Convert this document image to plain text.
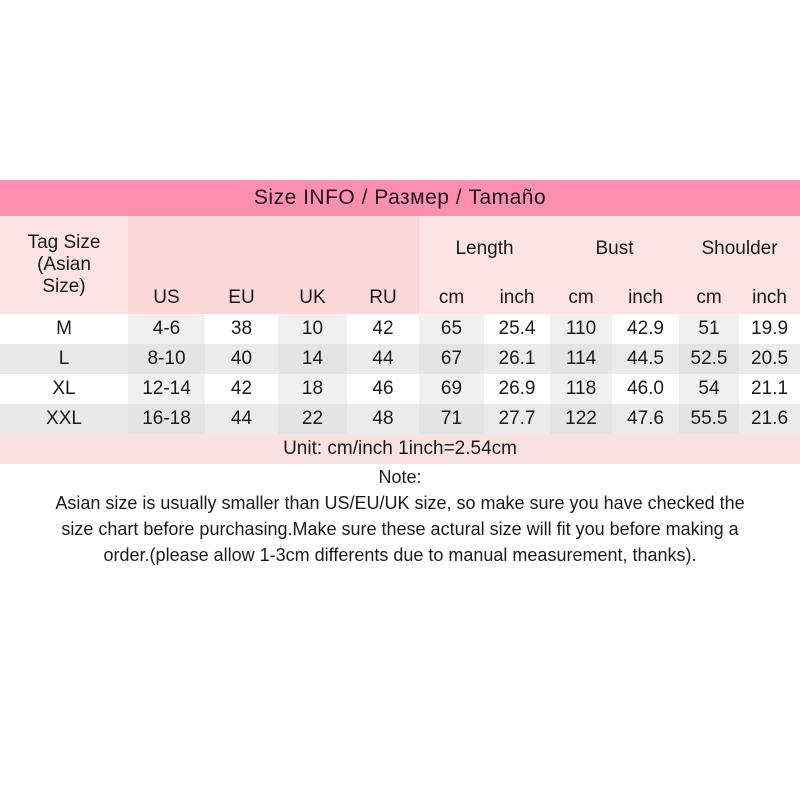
Size INFO / Размер / Tamaño										

Tag Size
(Asian
Size)					Length		Bust		Shoulder	
	US	EU	UK	RU	cm	inch	cm	inch	cm	inch
M	4-6	38	10	42	65	25.4	110	42.9	51	19.9
L	8-10	40	14	44	67	26.1	114	44.5	52.5	20.5
XL	12-14	42	18	46	69	26.9	118	46.0	54	21.1
XXL	16-18	44	22	48	71	27.7	122	47.6	55.5	21.6
Unit: cm/inch 1inch=2.54cm										
Note:										

Asian size is usually smaller than US/EU/UK size, so make sure you have checked the
size chart before purchasing.Make sure these actural size will fit you before making a
order.(please allow 1-3cm differents due to manual measurement, thanks).										
